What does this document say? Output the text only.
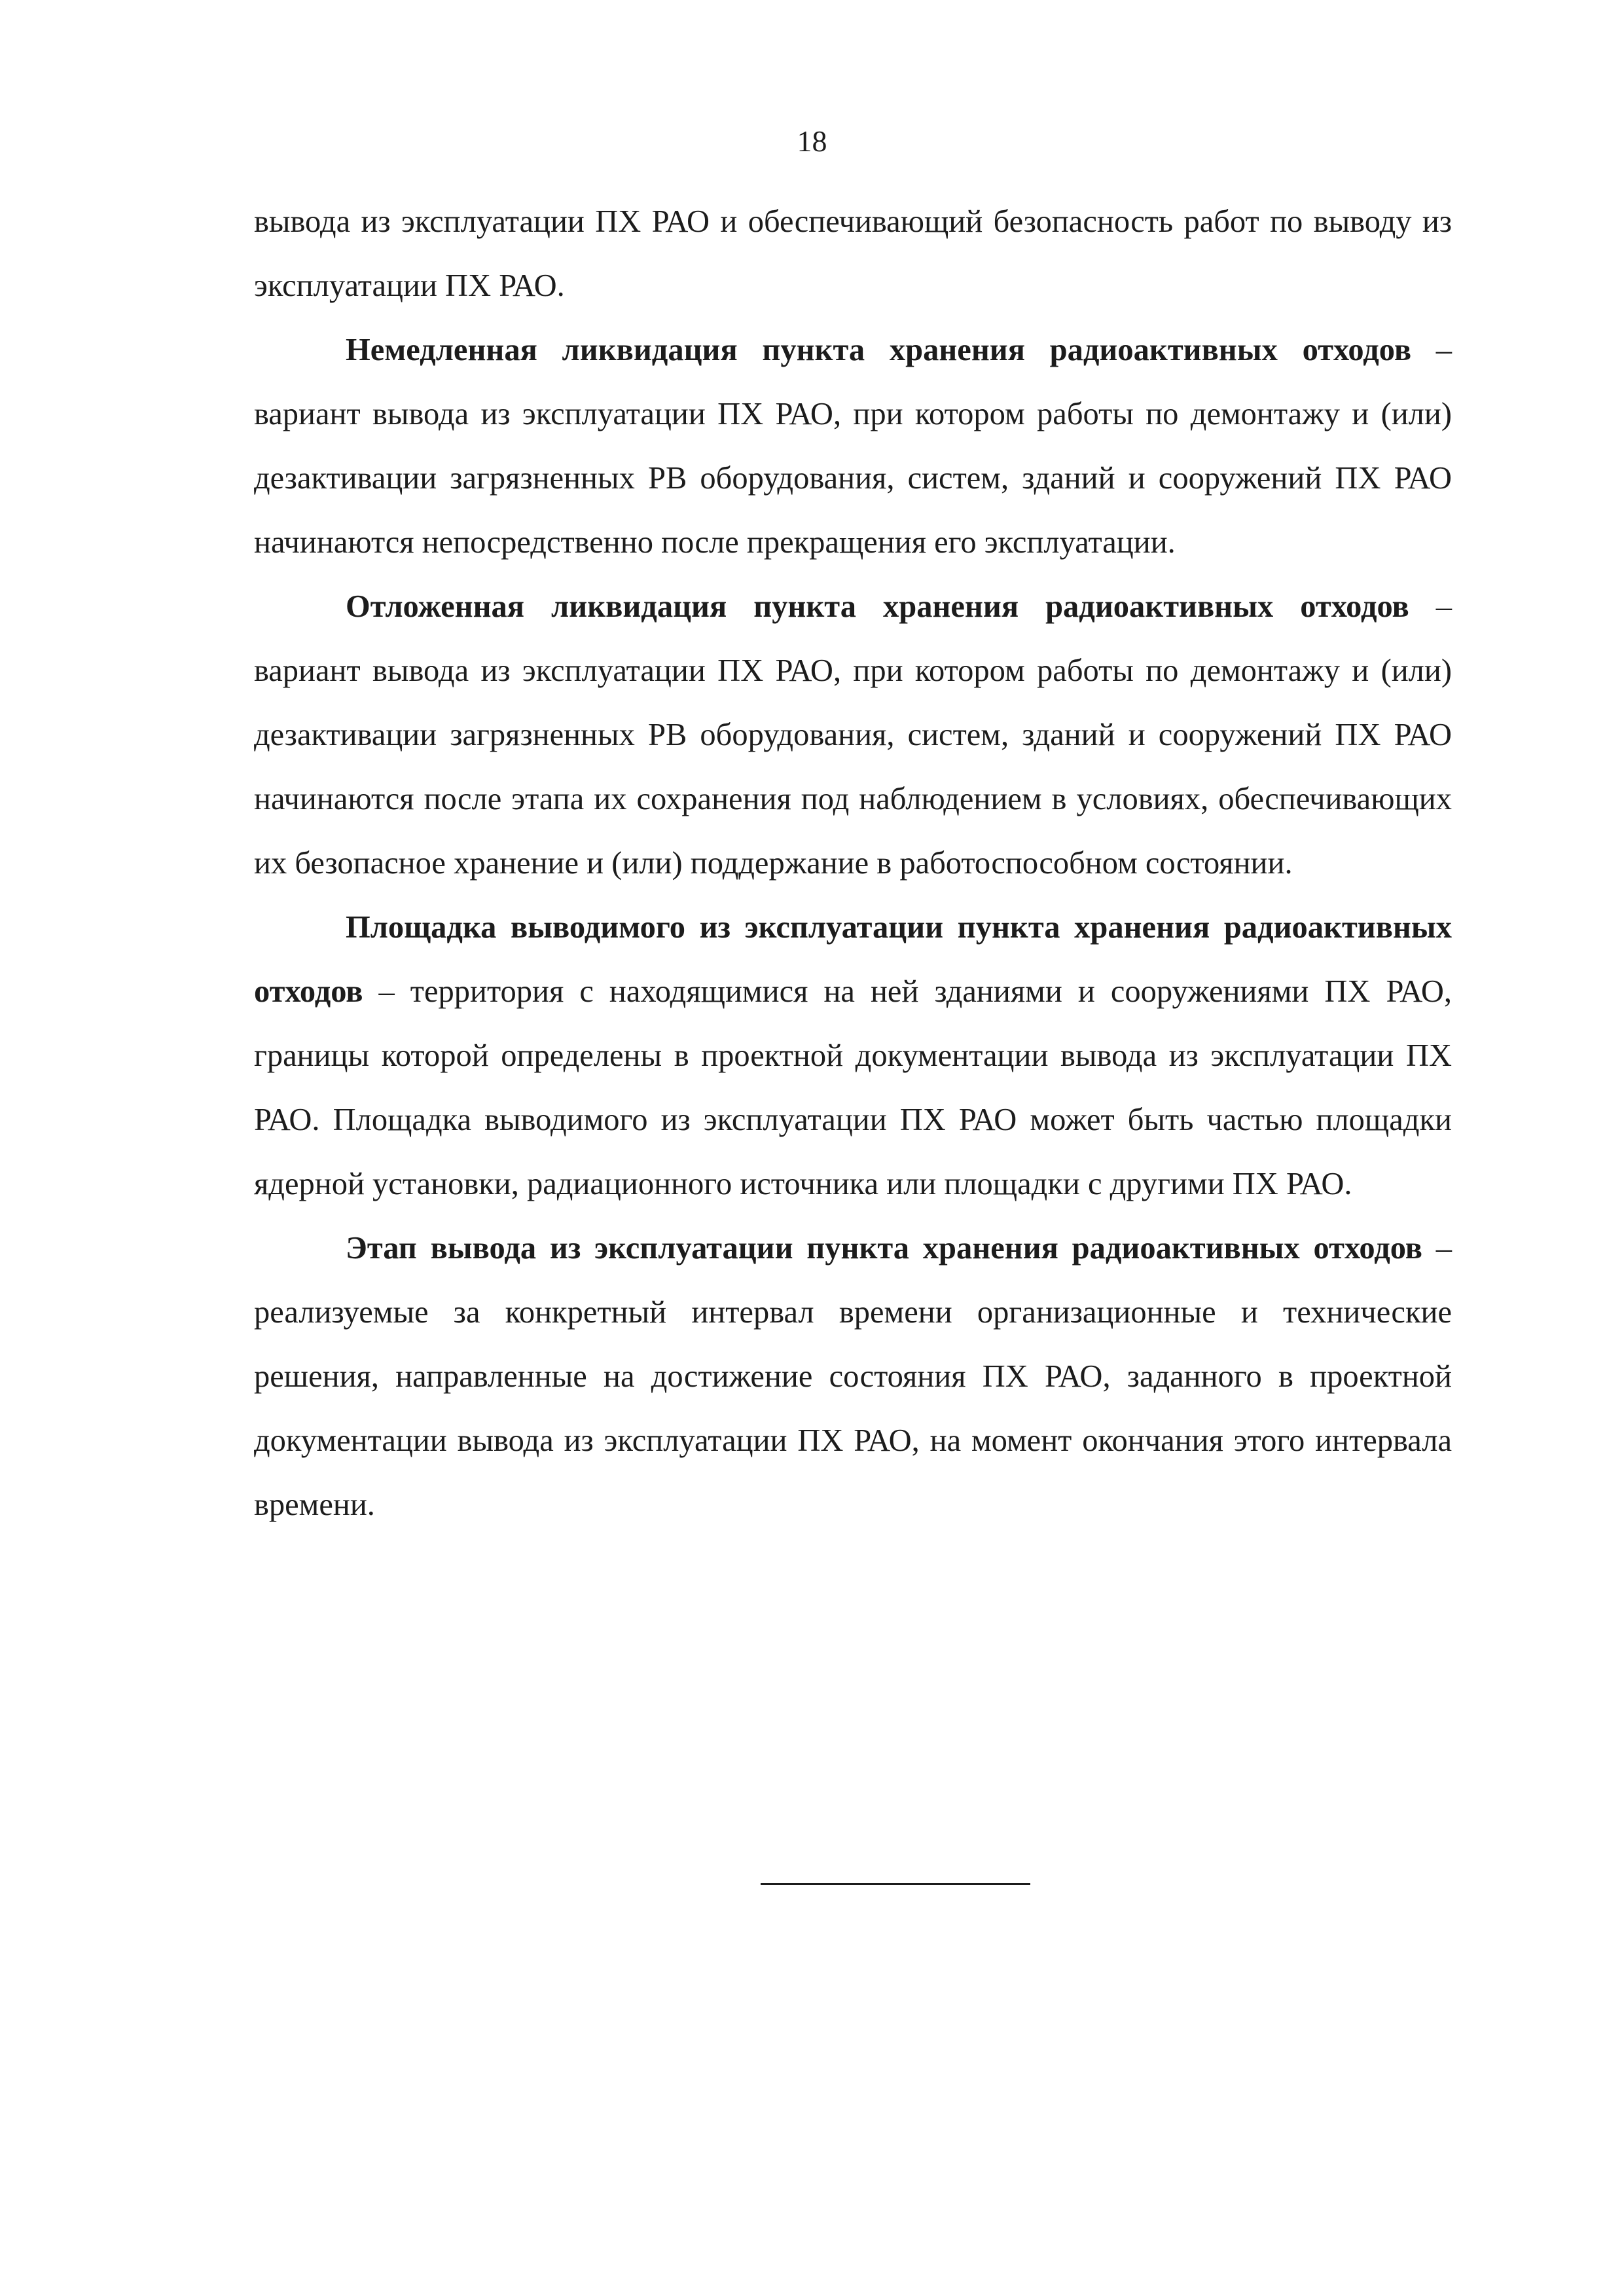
18

вывода из эксплуатации ПХ РАО и обеспечивающий безопасность работ по выводу из эксплуатации ПХ РАО.

Немедленная ликвидация пункта хранения радиоактивных отходов – вариант вывода из эксплуатации ПХ РАО, при котором работы по демонтажу и (или) дезактивации загрязненных РВ оборудования, систем, зданий и сооружений ПХ РАО начинаются непосредственно после прекращения его эксплуатации.

Отложенная ликвидация пункта хранения радиоактивных отходов – вариант вывода из эксплуатации ПХ РАО, при котором работы по демонтажу и (или) дезактивации загрязненных РВ оборудования, систем, зданий и сооружений ПХ РАО начинаются после этапа их сохранения под наблюдением в условиях, обеспечивающих их безопасное хранение и (или) поддержание в работоспособном состоянии.

Площадка выводимого из эксплуатации пункта хранения радиоактивных отходов – территория с находящимися на ней зданиями и сооружениями ПХ РАО, границы которой определены в проектной документации вывода из эксплуатации ПХ РАО. Площадка выводимого из эксплуатации ПХ РАО может быть частью площадки ядерной установки, радиационного источника или площадки с другими ПХ РАО.

Этап вывода из эксплуатации пункта хранения радиоактивных отходов – реализуемые за конкретный интервал времени организационные и технические решения, направленные на достижение состояния ПХ РАО, заданного в проектной документации вывода из эксплуатации ПХ РАО, на момент окончания этого интервала времени.
